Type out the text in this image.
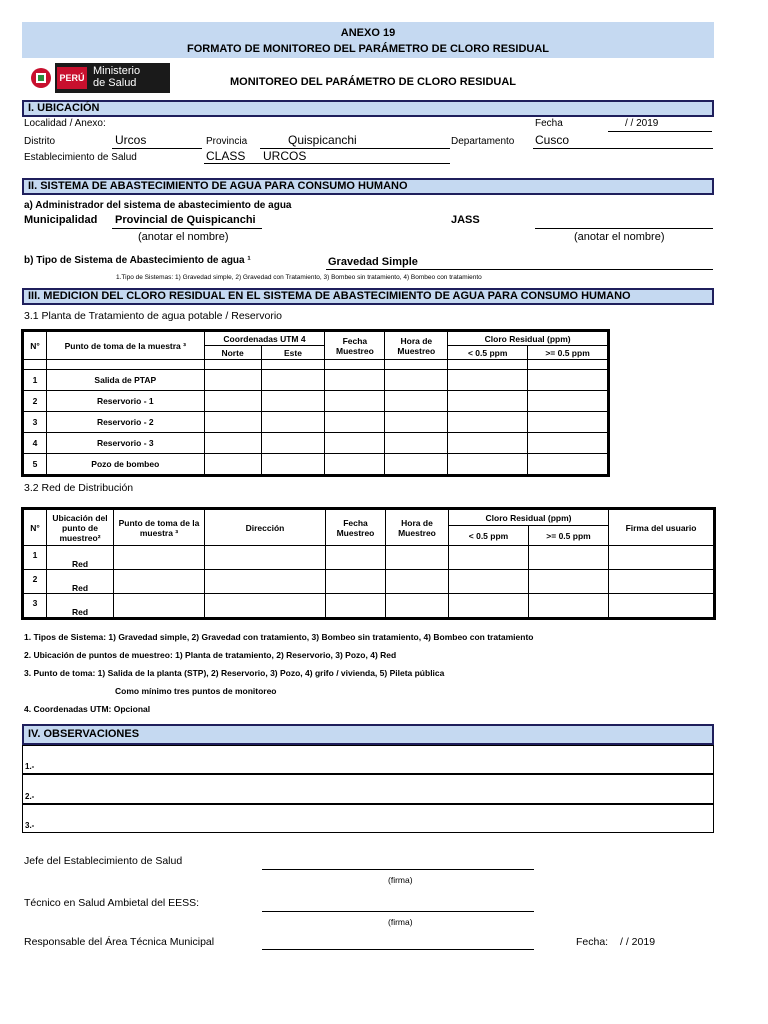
ANEXO 19
FORMATO DE MONITOREO DEL PARÁMETRO DE CLORO RESIDUAL
PERÚ
Ministerio
de Salud	MONITOREO DEL PARÁMETRO DE CLORO RESIDUAL
I. UBICACIÓN
Localidad / Anexo:	Fecha	/ / 2019
Distrito	Urcos	Provincia	Quispicanchi	Departamento Cusco
Establecimiento de Salud	CLASS URCOS
II. SISTEMA DE ABASTECIMIENTO DE AGUA PARA CONSUMO HUMANO
a) Administrador del sistema de abastecimiento de agua
Municipalidad Provincial de Quispicanchi	JASS
(anotar el nombre)	(anotar el nombre)
b) Tipo de Sistema de Abastecimiento de agua ¹	Gravedad Simple
1.Tipo de Sistemas: 1) Gravedad simple, 2) Gravedad con Tratamiento, 3) Bombeo sin tratamiento, 4) Bombeo con tratamiento
III. MEDICION DEL CLORO RESIDUAL EN EL SISTEMA DE ABASTECIMIENTO DE AGUA PARA CONSUMO HUMANO
3.1 Planta de Tratamiento de agua potable / Reservorio
N°	Punto de toma de la muestra ³	Coordenadas UTM 4		Fecha Muestreo	Hora de Muestreo	Cloro Residual (ppm)	
		Norte	Este			< 0.5 ppm	>= 0.5 ppm

1	Salida de PTAP						
2	Reservorio - 1						
3	Reservorio - 2						
4	Reservorio - 3						
5	Pozo de bombeo						
3.2 Red de Distribución
N°	Ubicación del punto de muestreo²	Punto de toma de la muestra ³	Dirección	Fecha Muestreo	Hora de Muestreo	Cloro Residual (ppm)		Firma del usuario
						< 0.5 ppm	>= 0.5 ppm	
1	Red							
2	Red							
3	Red							
1. Tipos de Sistema: 1) Gravedad simple, 2) Gravedad con tratamiento, 3) Bombeo sin tratamiento, 4) Bombeo con tratamiento
2. Ubicación de puntos de muestreo: 1) Planta de tratamiento, 2) Reservorio, 3) Pozo, 4) Red
3. Punto de toma: 1) Salida de la planta (STP), 2) Reservorio, 3) Pozo, 4) grifo / vivienda, 5) Pileta pública
Como mínimo tres puntos de monitoreo
4. Coordenadas UTM: Opcional
IV. OBSERVACIONES
1.-
2.-
3.-
Jefe del Establecimiento de Salud
(firma)
Técnico en Salud Ambietal del EESS:
(firma)
Responsable del Área Técnica Municipal	Fecha: / / 2019
